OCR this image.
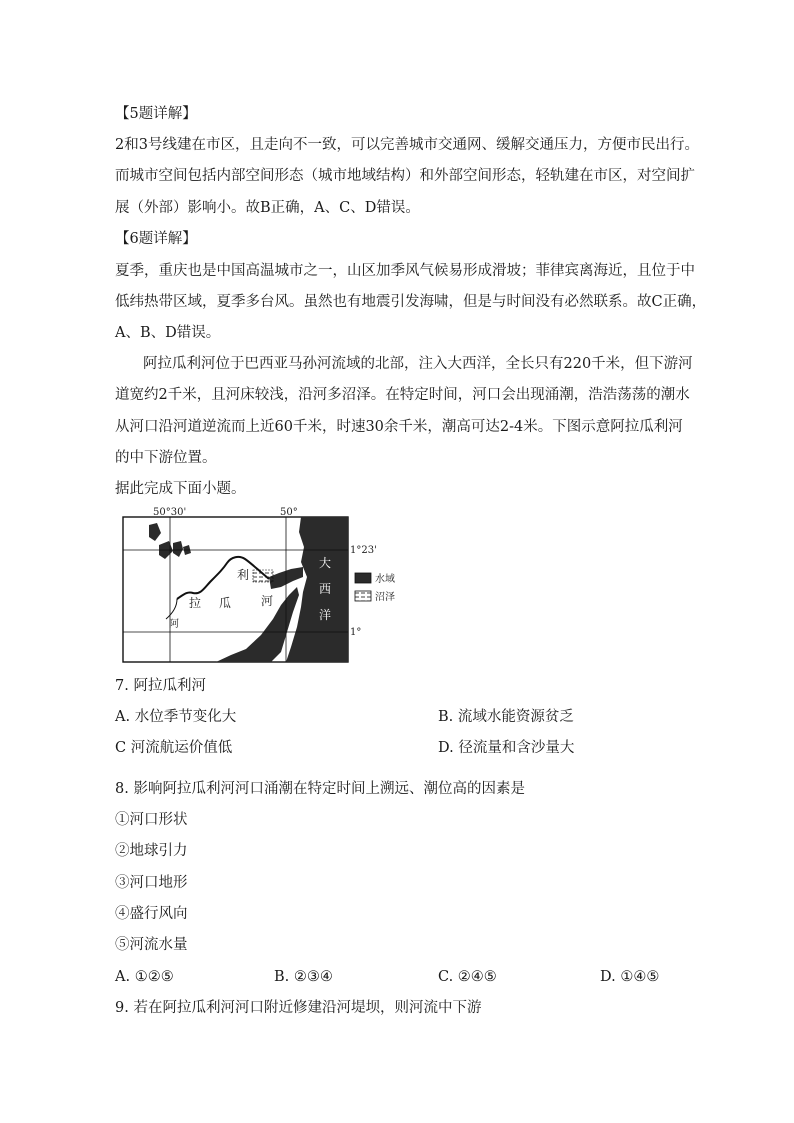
【5题详解】
2和3号线建在市区，且走向不一致，可以完善城市交通网、缓解交通压力，方便市民出行。
而城市空间包括内部空间形态（城市地域结构）和外部空间形态，轻轨建在市区，对空间扩
展（外部）影响小。故B正确，A、C、D错误。
【6题详解】
夏季，重庆也是中国高温城市之一，山区加季风气候易形成滑坡；菲律宾离海近，且位于中
低纬热带区域，夏季多台风。虽然也有地震引发海啸，但是与时间没有必然联系。故C正确，
A、B、D错误。
阿拉瓜利河位于巴西亚马孙河流域的北部，注入大西洋，全长只有220千米，但下游河
道宽约2千米，且河床较浅，沿河多沼泽。在特定时间，河口会出现涌潮，浩浩荡荡的潮水
从河口沿河道逆流而上近60千米，时速30余千米，潮高可达2-4米。下图示意阿拉瓜利河
的中下游位置。
据此完成下面小题。
50°30'	50°
1°23'
1°
拉 瓜
利
河
阿
大
西
洋
水域
沼泽
7. 阿拉瓜利河
A. 水位季节变化大	B. 流域水能资源贫乏
C 河流航运价值低	D. 径流量和含沙量大
8. 影响阿拉瓜利河河口涌潮在特定时间上溯远、潮位高的因素是
①河口形状
②地球引力
③河口地形
④盛行风向
⑤河流水量
A. ①②⑤	B. ②③④	C. ②④⑤	D. ①④⑤
9. 若在阿拉瓜利河河口附近修建沿河堤坝，则河流中下游
